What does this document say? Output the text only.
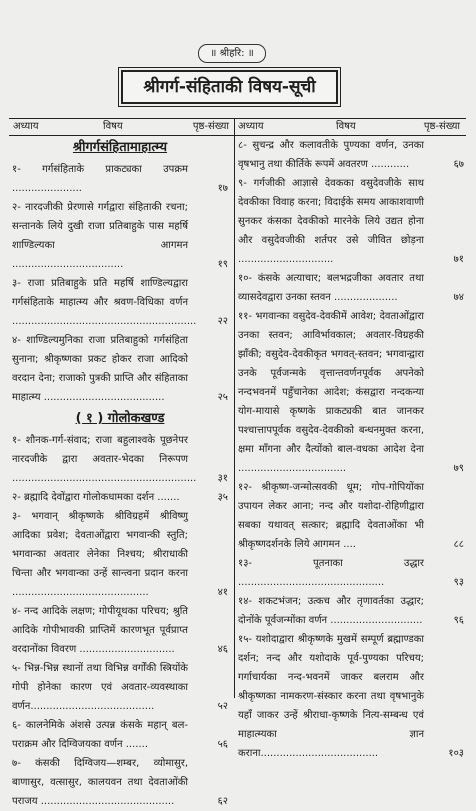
॥ श्रीहरि: ॥
श्रीगर्ग-संहिताकी विषय-सूची
अध्याय	विषय	पृष्ठ-संख्या अध्याय	विषय	पृष्ठ-संख्या
श्रीगर्गसंहितामाहात्म्य
१- गर्गसंहिताके प्राकट्यका उपक्रम ......................	१७
२- नारदजीकी प्रेरणासे गर्गद्वारा संहिताकी रचना; सन्तानके लिये दुखी राजा प्रतिबाहुके पास महर्षि शाण्डिल्यका आगमन ...................................	१९
३- राजा प्रतिबाहुके प्रति महर्षि शाण्डिल्यद्वारा गर्गसंहिताके माहात्म्य और श्रवण-विधिका वर्णन ..........................................................	२२
४- शाण्डिल्यमुनिका राजा प्रतिबाहुको गर्गसंहिता सुनाना; श्रीकृष्णका प्रकट होकर राजा आदिको वरदान देना; राजाको पुत्रकी प्राप्ति और संहिताका माहात्म्य ......................................	२५
( १ ) गोलोकखण्ड
१- शौनक-गर्ग-संवाद; राजा बहुलाश्वके पूछनेपर नारदजीके द्वारा अवतार-भेदका निरूपण ..........................................................	३१
२- ब्रह्मादि देवोंद्वारा गोलोकधामका दर्शन .......	३५
३- भगवान् श्रीकृष्णके श्रीविग्रहमें श्रीविष्णु आदिका प्रवेश; देवताओंद्वारा भगवान्की स्तुति; भगवान्का अवतार लेनेका निश्चय; श्रीराधाकी चिन्ता और भगवान्का उन्हें सान्त्वना प्रदान करना ...........................................	४१
४- नन्द आदिके लक्षण; गोपीयूथका परिचय; श्रुति आदिके गोपीभावकी प्राप्तिमें कारणभूत पूर्वप्राप्त वरदानोंका विवरण ..............................	४६
५- भिन्न-भिन्न स्थानों तथा विभिन्न वर्गोंकी स्त्रियोंके गोपी होनेका कारण एवं अवतार-व्यवस्थाका वर्णन.......................................	५२
६- कालनेमिके अंशसे उत्पन्न कंसके महान् बल-पराक्रम और दिग्विजयका वर्णन .......	५६
७- कंसकी दिग्विजय—शम्बर, व्योमासुर, बाणासुर, वत्सासुर, कालयवन तथा देवताओंकी पराजय ..........................................	६२
८- सुचन्द्र और कलावतीके पुण्यका वर्णन, उनका वृषभानु तथा कीर्तिके रूपमें अवतरण ............	६७
९- गर्गजीकी आज्ञासे देवकका वसुदेवजीके साथ देवकीका विवाह करना; विदाईके समय आकाशवाणी सुनकर कंसका देवकीको मारनेके लिये उद्यत होना और वसुदेवजीकी शर्तपर उसे जीवित छोड़ना ..............................	७१
१०- कंसके अत्याचार; बलभद्रजीका अवतार तथा व्यासदेवद्वारा उनका स्तवन ....................	७४
११- भगवान्का वसुदेव-देवकीमें आवेश; देवताओंद्वारा उनका स्तवन; आविर्भावकाल; अवतार-विग्रहकी झाँकी; वसुदेव-देवकीकृत भगवत्-स्तवन; भगवान्द्वारा उनके पूर्वजन्मके वृत्तान्तवर्णनपूर्वक अपनेको नन्दभवनमें पहुँचानेका आदेश; कंसद्वारा नन्दकन्या योग-मायासे कृष्णके प्राकट्यकी बात जानकर पश्चात्तापपूर्वक वसुदेव-देवकीको बन्धनमुक्त करना, क्षमा माँगना और दैत्योंको बाल-वधका आदेश देना ..................................	७९
१२- श्रीकृष्ण-जन्मोत्सवकी धूम; गोप-गोपियोंका उपायन लेकर आना; नन्द और यशोदा-रोहिणीद्वारा सबका यथावत् सत्कार; ब्रह्मादि देवताओंका भी श्रीकृष्णदर्शनके लिये आगमन ....	८८
१३- पूतनाका उद्धार ..............................................	९३
१४- शकटभंजन; उत्कच और तृणावर्तका उद्धार; दोनोंके पूर्वजन्मोंका वर्णन .............................	९६
१५- यशोदाद्वारा श्रीकृष्णके मुखमें सम्पूर्ण ब्रह्माण्डका दर्शन; नन्द और यशोदाके पूर्व-पुण्यका परिचय; गर्गाचार्यका नन्द-भवनमें जाकर बलराम और श्रीकृष्णका नामकरण-संस्कार करना तथा वृषभानुके यहाँ जाकर उन्हें श्रीराधा-कृष्णके नित्य-सम्बन्ध एवं माहात्म्यका ज्ञान कराना.....................................	१०३
